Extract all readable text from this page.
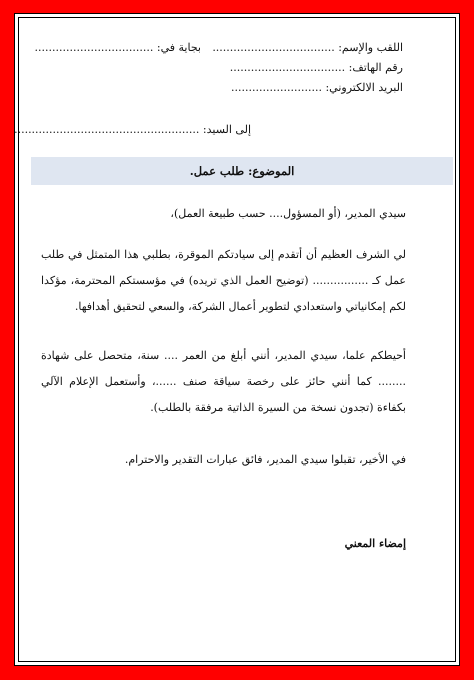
اللقب والإسم: ...................................
بجاية في: ..................................
رقم الهاتف: .................................
البريد الالكتروني: ..........................
إلى السيد: .....................................................
الموضوع: طلب عمل.
سيدي المدير، (أو المسؤول.... حسب طبيعة العمل)،
لي الشرف العظيم أن أتقدم إلى سيادتكم الموقرة، بطلبي هذا المتمثل في طلب عمل كـ ................ (توضيح العمل الذي تريده) في مؤسستكم المحترمة، مؤكدا لكم إمكانياتي واستعدادي لتطوير أعمال الشركة، والسعي لتحقيق أهدافها.
أحيطكم علما، سيدي المدير، أنني أبلغ من العمر .... سنة، متحصل على شهادة ........ كما أنني حائز على رخصة سياقة صنف ......، وأستعمل الإعلام الآلي بكفاءة (تجدون نسخة من السيرة الذاتية مرفقة بالطلب).
في الأخير، تقبلوا سيدي المدير، فائق عبارات التقدير والاحترام.
إمضاء المعني
